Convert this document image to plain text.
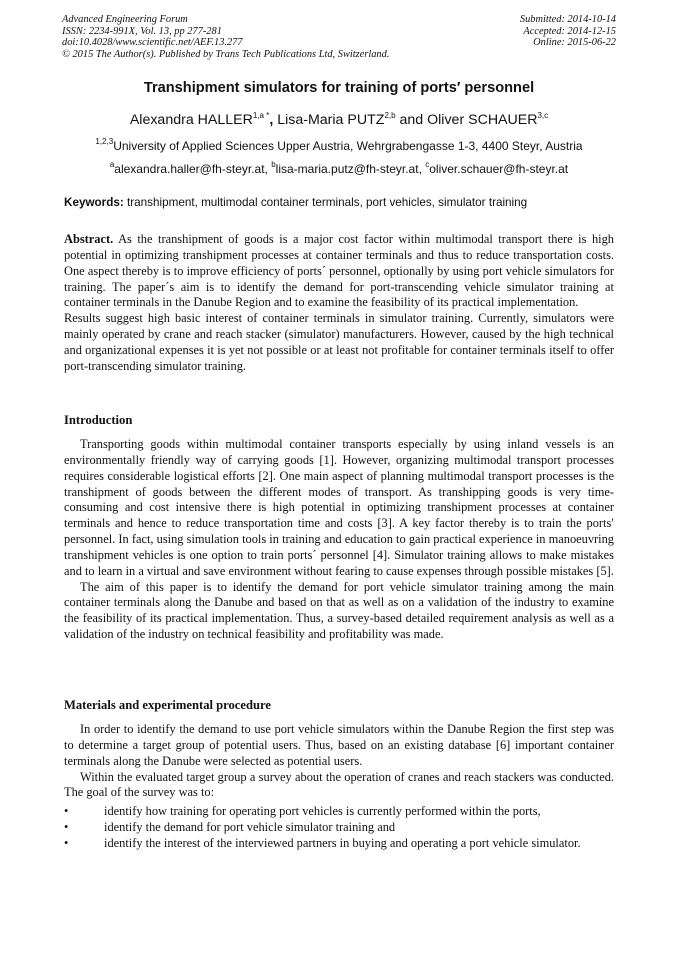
Advanced Engineering Forum
ISSN: 2234-991X, Vol. 13, pp 277-281
doi:10.4028/www.scientific.net/AEF.13.277
© 2015 The Author(s). Published by Trans Tech Publications Ltd, Switzerland.
Submitted: 2014-10-14
Accepted: 2014-12-15
Online: 2015-06-22
Transhipment simulators for training of ports′ personnel
Alexandra $HALLER^{1,a *}$, Lisa-Maria PUTZ$^{2,b}$ and Oliver SCHAUER$^{3,c}$
$^{1,2,3}$University of Applied Sciences Upper Austria, Wehrgrabengasse 1-3, 4400 Steyr, Austria
$^a$alexandra.haller@fh-steyr.at, $^b$lisa-maria.putz@fh-steyr.at, $^c$oliver.schauer@fh-steyr.at
Keywords: transhipment, multimodal container terminals, port vehicles, simulator training

Abstract. As the transhipment of goods is a major cost factor within multimodal transport there is high potential in optimizing transhipment processes at container terminals and thus to reduce transportation costs. One aspect thereby is to improve efficiency of ports´ personnel, optionally by using port vehicle simulators for training. The paper´s aim is to identify the demand for port-transcending vehicle simulator training at container terminals in the Danube Region and to examine the feasibility of its practical implementation.

Results suggest high basic interest of container terminals in simulator training. Currently, simulators were mainly operated by crane and reach stacker (simulator) manufacturers. However, caused by the high technical and organizational expenses it is yet not possible or at least not profitable for container terminals itself to offer port-transcending simulator training.

Introduction

Transporting goods within multimodal container transports especially by using inland vessels is an environmentally friendly way of carrying goods [1]. However, organizing multimodal transport processes requires considerable logistical efforts [2]. One main aspect of planning multimodal transport processes is the transhipment of goods between the different modes of transport. As transhipping goods is very time-consuming and cost intensive there is high potential in optimizing transhipment processes at container terminals and hence to reduce transportation time and costs [3]. A key factor thereby is to train the ports′ personnel. In fact, using simulation tools in training and education to gain practical experience in manoeuvring transhipment vehicles is one option to train ports´ personnel [4]. Simulator training allows to make mistakes and to learn in a virtual and save environment without fearing to cause expenses through possible mistakes [5].

The aim of this paper is to identify the demand for port vehicle simulator training among the main container terminals along the Danube and based on that as well as on a validation of the industry to examine the feasibility of its practical implementation. Thus, a survey-based detailed requirement analysis as well as a validation of the industry on technical feasibility and profitability was made.

Materials and experimental procedure

In order to identify the demand to use port vehicle simulators within the Danube Region the first step was to determine a target group of potential users. Thus, based on an existing database [6] important container terminals along the Danube were selected as potential users.

Within the evaluated target group a survey about the operation of cranes and reach stackers was conducted. The goal of the survey was to:

•	identify how training for operating port vehicles is currently performed within the ports,
•	identify the demand for port vehicle simulator training and
•	identify the interest of the interviewed partners in buying and operating a port vehicle simulator.
